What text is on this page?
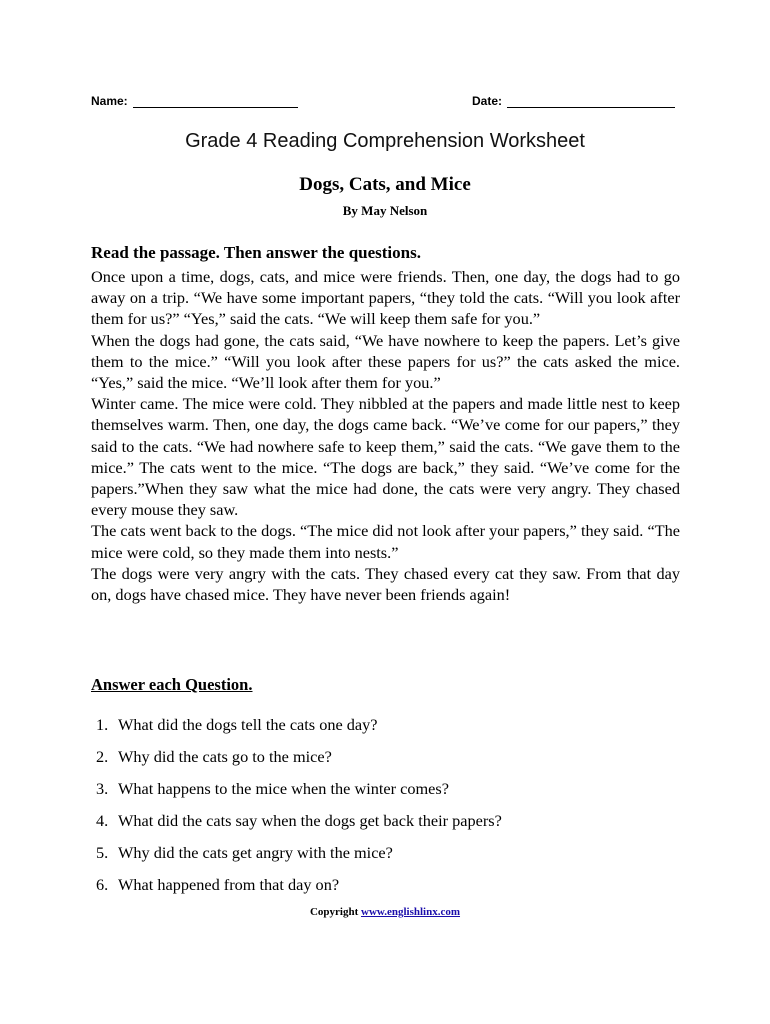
Name:	Date:
Grade 4 Reading Comprehension Worksheet
Dogs, Cats, and Mice
By May Nelson
Read the passage. Then answer the questions.

Once upon a time, dogs, cats, and mice were friends. Then, one day, the dogs had to go away on a trip. “We have some important papers, “they told the cats. “Will you look after them for us?” “Yes,” said the cats. “We will keep them safe for you.”

When the dogs had gone, the cats said, “We have nowhere to keep the papers. Let’s give them to the mice.” “Will you look after these papers for us?” the cats asked the mice. “Yes,” said the mice. “We’ll look after them for you.”

Winter came. The mice were cold. They nibbled at the papers and made little nest to keep themselves warm. Then, one day, the dogs came back. “We’ve come for our papers,” they said to the cats. “We had nowhere safe to keep them,” said the cats. “We gave them to the mice.” The cats went to the mice. “The dogs are back,” they said. “We’ve come for the papers.”When they saw what the mice had done, the cats were very angry. They chased every mouse they saw.

The cats went back to the dogs. “The mice did not look after your papers,” they said. “The mice were cold, so they made them into nests.”

The dogs were very angry with the cats. They chased every cat they saw. From that day on, dogs have chased mice. They have never been friends again!

Answer each Question.
1. What did the dogs tell the cats one day?
2. Why did the cats go to the mice?
3. What happens to the mice when the winter comes?
4. What did the cats say when the dogs get back their papers?
5. Why did the cats get angry with the mice?
6. What happened from that day on?
Copyright www.englishlinx.com
